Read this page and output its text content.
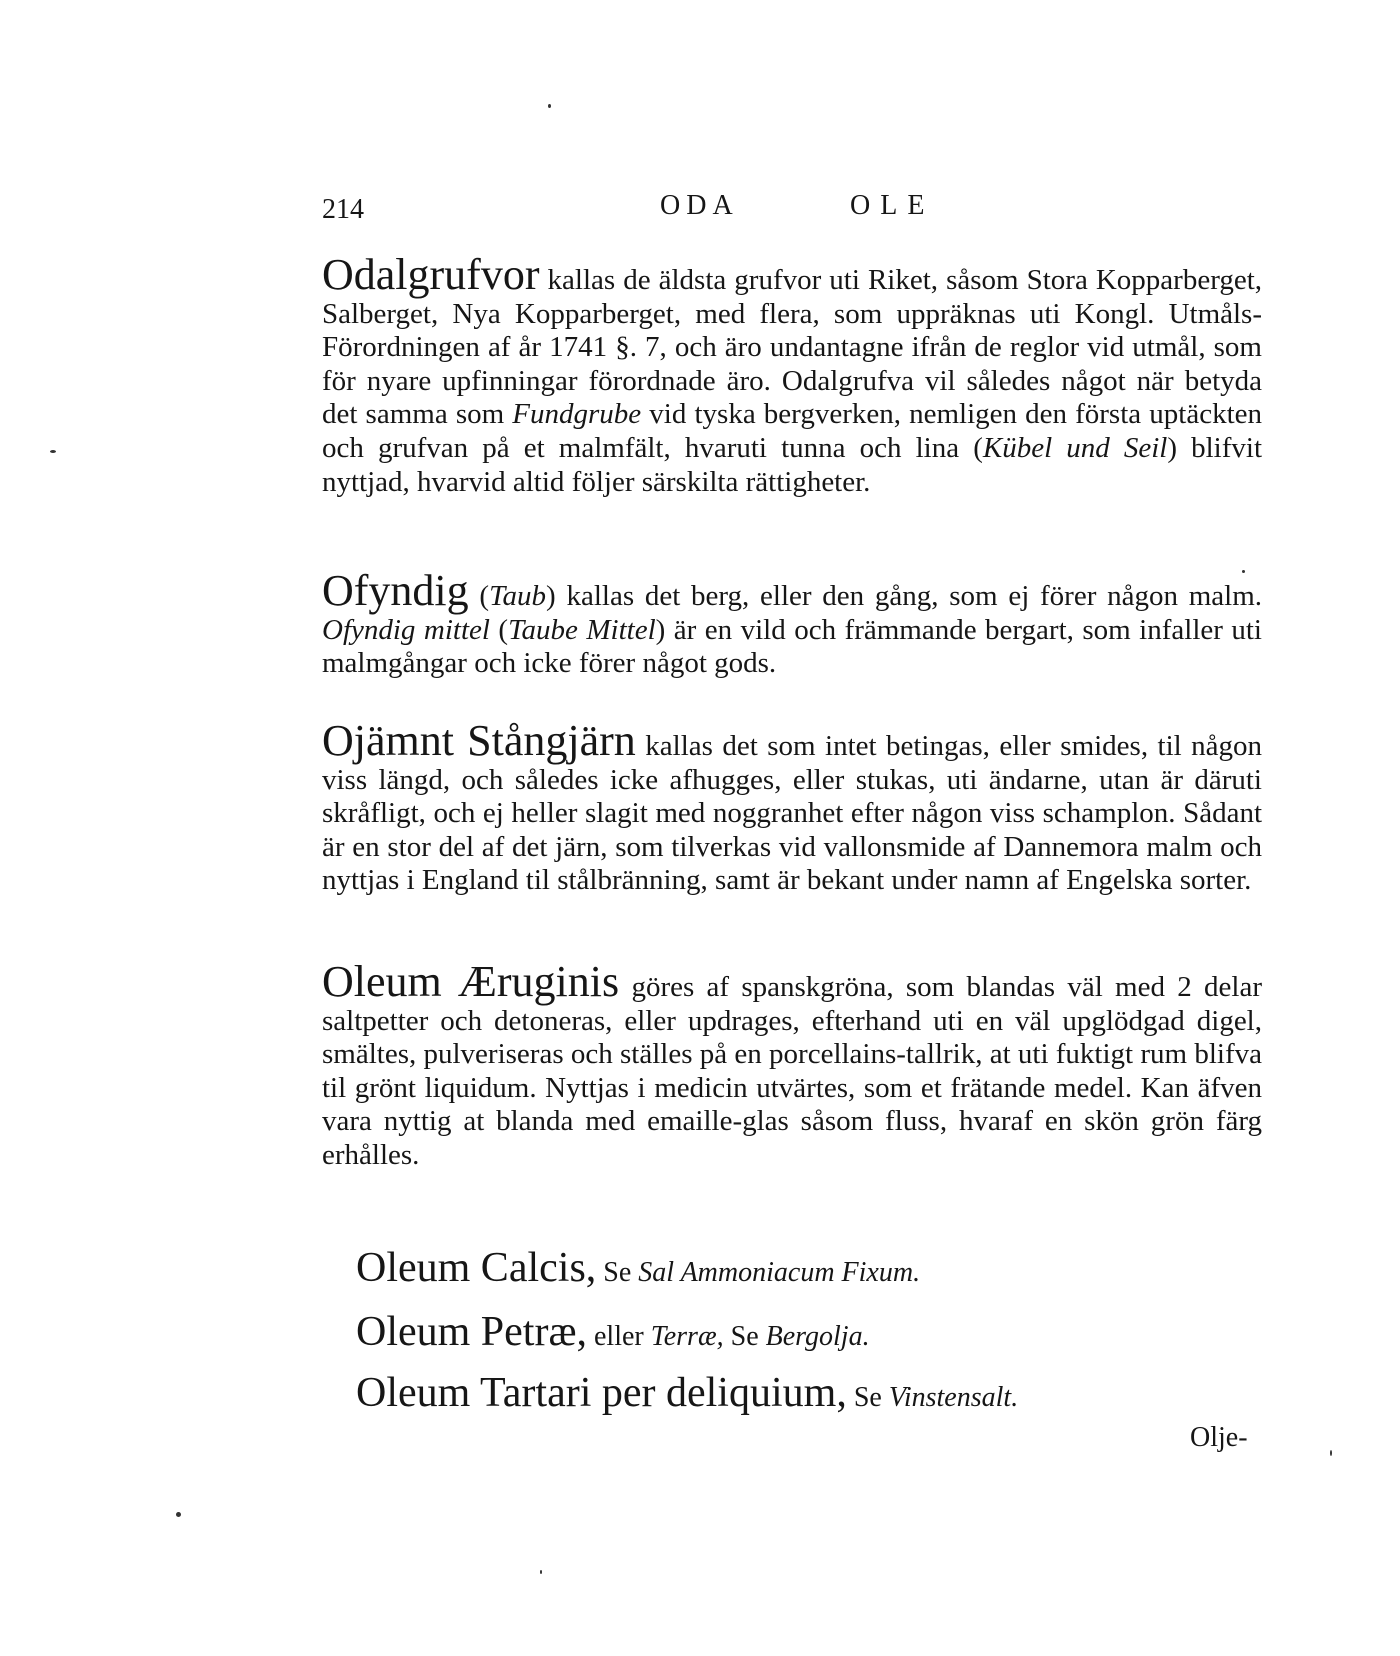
214	ODA	OLE
Odalgrufvor kallas de äldsta grufvor uti Riket, såsom Stora Kopparberget, Salberget, Nya Kopparberget, med flera, som uppräknas uti Kongl. Utmåls-Förordningen af år 1741 §. 7, och äro undantagne ifrån de reglor vid utmål, som för nyare upfinningar förordnade äro. Odalgrufva vil således något när betyda det samma som Fundgrube vid tyska bergverken, nemligen den första uptäckten och grufvan på et malmfält, hvaruti tunna och lina (Kübel und Seil) blifvit nyttjad, hvarvid altid följer särskilta rättigheter.
Ofyndig (Taub) kallas det berg, eller den gång, som ej förer någon malm. Ofyndig mittel (Taube Mittel) är en vild och främmande bergart, som infaller uti malmgångar och icke förer något gods.
Ojämnt Stångjärn kallas det som intet betingas, eller smides, til någon viss längd, och således icke afhugges, eller stukas, uti ändarne, utan är däruti skråfligt, och ej heller slagit med noggranhet efter någon viss schamplon. Sådant är en stor del af det järn, som tilverkas vid vallonsmide af Dannemora malm och nyttjas i England til stålbränning, samt är bekant under namn af Engelska sorter.
Oleum Æruginis göres af spanskgröna, som blandas väl med 2 delar saltpetter och detoneras, eller updrages, efterhand uti en väl upglödgad digel, smältes, pulveriseras och ställes på en porcellains-tallrik, at uti fuktigt rum blifva til grönt liquidum. Nyttjas i medicin utvärtes, som et frätande medel. Kan äfven vara nyttig at blanda med emaille-glas såsom fluss, hvaraf en skön grön färg erhålles.
Oleum Calcis, Se Sal Ammoniacum Fixum.
Oleum Petræ, eller Terræ, Se Bergolja.
Oleum Tartari per deliquium, Se Vinstensalt.
Olje-
